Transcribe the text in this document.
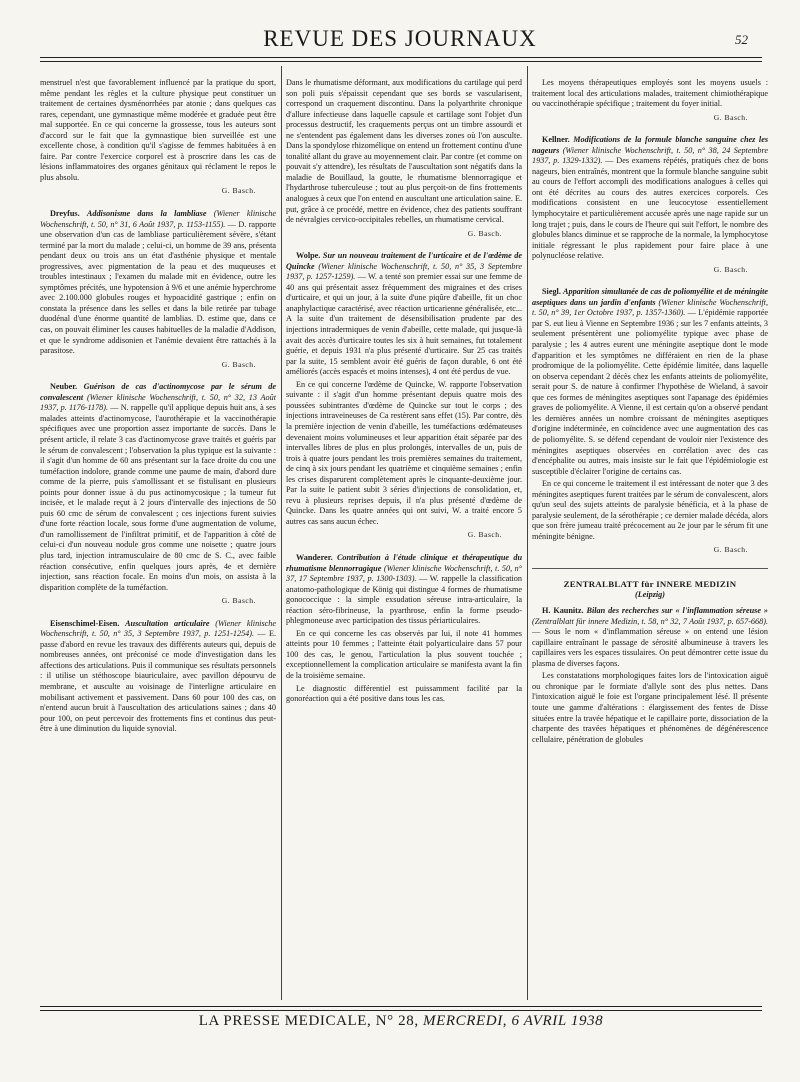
REVUE DES JOURNAUX	52

menstruel n'est que favorablement influencé par la pratique du sport, même pendant les règles et la culture physique peut constituer un traitement de certaines dysménorrhées par atonie ; dans quelques cas rares, cependant, une gymnastique même modérée et graduée peut être mal supportée. En ce qui concerne la grossesse, tous les auteurs sont d'accord sur le fait que la gymnastique bien surveillée est une excellente chose, à condition qu'il s'agisse de femmes habituées à en faire. Par contre l'exercice corporel est à proscrire dans les cas de lésions inflammatoires des organes génitaux qui réclament le repos le plus absolu.

G. Basch.

Dreyfus. Addisonisme dans la lambliase (Wiener klinische Wochenschrift, t. 50, n° 31, 6 Août 1937, p. 1153-1155). — D. rapporte une observation d'un cas de lambliase particulièrement sévère, s'étant terminé par la mort du malade ; celui-ci, un homme de 39 ans, présenta pendant deux ou trois ans un état d'asthénie physique et mentale progressives, avec pigmentation de la peau et des muqueuses et troubles intestinaux ; l'examen du malade mit en évidence, outre les symptômes précités, une hypotension à 9/6 et une anémie hyperchrome avec 2.100.000 globules rouges et hypoacidité gastrique ; enfin on constata la présence dans les selles et dans la bile retirée par tubage duodénal d'une énorme quantité de lamblias. D. estime que, dans ce cas, on pouvait éliminer les causes habituelles de la maladie d'Addison, et que le syndrome addisonien et l'anémie devaient être rattachés à la parasitose.

G. Basch.

Neuber. Guérison de cas d'actinomycose par le sérum de convalescent (Wiener klinische Wochenschrift, t. 50, n° 32, 13 Août 1937, p. 1176-1178). — N. rappelle qu'il applique depuis huit ans, à ses malades atteints d'actinomycose, l'aurothérapie et la vaccinothérapie spécifiques avec une proportion assez importante de succès. Dans le présent article, il relate 3 cas d'actinomycose grave traités et guéris par le sérum de convalescent ; l'observation la plus typique est la suivante : il s'agit d'un homme de 60 ans présentant sur la face droite du cou une tuméfaction indolore, grande comme une paume de main, d'abord dure comme de la pierre, puis s'amollissant et se fistulisant en plusieurs points pour donner issue à du pus actinomycosique ; la tumeur fut incisée, et le malade reçut à 2 jours d'intervalle des injections de 50 puis 60 cmc de sérum de convalescent ; ces injections furent suivies d'une forte réaction locale, sous forme d'une augmentation de volume, d'un ramollissement de l'infiltrat primitif, et de l'apparition à côté de celui-ci d'un nouveau nodule gros comme une noisette ; quatre jours plus tard, injection intramusculaire de 80 cmc de S. C., avec faible réaction consécutive, enfin quelques jours après, 4e et dernière injection, sans réaction focale. En moins d'un mois, on assista à la disparition complète de la tuméfaction.

G. Basch.

Eisenschimel-Eisen. Auscultation articulaire (Wiener klinische Wochenschrift, t. 50, n° 35, 3 Septembre 1937, p. 1251-1254). — E. passe d'abord en revue les travaux des différents auteurs qui, depuis de nombreuses années, ont préconisé ce mode d'investigation dans les affections des articulations. Puis il communique ses résultats personnels : il utilise un stéthoscope biauriculaire, avec pavillon dépourvu de membrane, et ausculte au voisinage de l'interligne articulaire en mobilisant activement et passivement. Dans 60 pour 100 des cas, on n'entend aucun bruit à l'auscultation des articulations saines ; dans 40 pour 100, on peut percevoir des frottements fins et continus dus peut-être à une diminution du liquide synovial.

Dans le rhumatisme déformant, aux modifications du cartilage qui perd son poli puis s'épaissit cependant que ses bords se vascularisent, correspond un craquement discontinu. Dans la polyarthrite chronique d'allure infectieuse dans laquelle capsule et cartilage sont l'objet d'un processus destructif, les craquements perçus ont un timbre assourdi et ne s'entendent pas également dans les diverses zones où l'on ausculte. Dans la spondylose rhizomélique on entend un frottement continu d'une tonalité allant du grave au moyennement clair. Par contre (et comme on pouvait s'y attendre), les résultats de l'auscultation sont négatifs dans la maladie de Bouillaud, la goutte, le rhumatisme blennorragique et l'hydarthrose tuberculeuse ; tout au plus perçoit-on de fins frottements analogues à ceux que l'on entend en auscultant une articulation saine. E. put, grâce à ce procédé, mettre en évidence, chez des patients souffrant de névralgies cervico-occipitales rebelles, un rhumatisme cervical.

G. Basch.

Wolpe. Sur un nouveau traitement de l'urticaire et de l'œdème de Quincke (Wiener klinische Wochenschrift, t. 50, n° 35, 3 Septembre 1937, p. 1257-1259). — W. a tenté son premier essai sur une femme de 40 ans qui présentait assez fréquemment des migraines et des crises d'urticaire, et qui un jour, à la suite d'une piqûre d'abeille, fit un choc anaphylactique caractérisé, avec réaction urticarienne généralisée, etc... A la suite d'un traitement de désensibilisation prudente par des injections intradermiques de venin d'abeille, cette malade, qui jusque-là avait des accès d'urticaire toutes les six à huit semaines, fut totalement guérie, et depuis 1931 n'a plus présenté d'urticaire. Sur 25 cas traités par la suite, 15 semblent avoir été guéris de façon durable, 6 ont été améliorés (accès espacés et moins intenses), 4 ont été perdus de vue.

En ce qui concerne l'œdème de Quincke, W. rapporte l'observation suivante : il s'agit d'un homme présentant depuis quatre mois des poussées subintrantes d'œdème de Quincke sur tout le corps ; des injections intraveineuses de Ca restèrent sans effet (15). Par contre, dès la première injection de venin d'abeille, les tuméfactions œdémateuses devenaient moins volumineuses et leur apparition était séparée par des intervalles libres de plus en plus prolongés, intervalles de un, puis de trois à quatre jours pendant les trois premières semaines du traitement, de cinq à six jours pendant les quatrième et cinquième semaines ; enfin les crises disparurent complètement après le cinquante-deuxième jour. Par la suite le patient subit 3 séries d'injections de consolidation, et, revu à plusieurs reprises depuis, il n'a plus présenté d'œdème de Quincke. Dans les quatre années qui ont suivi, W. a traité encore 5 autres cas sans aucun échec.

G. Basch.

Wanderer. Contribution à l'étude clinique et thérapeutique du rhumatisme blennorragique (Wiener klinische Wochenschrift, t. 50, n° 37, 17 Septembre 1937, p. 1300-1303). — W. rappelle la classification anatomo-pathologique de König qui distingue 4 formes de rhumatisme gonococcique : la simple exsudation séreuse intra-articulaire, la réaction séro-fibrineuse, la pyarthrose, enfin la forme pseudo-phlegmoneuse avec participation des tissus périarticulaires.

En ce qui concerne les cas observés par lui, il note 41 hommes atteints pour 10 femmes ; l'atteinte était polyarticulaire dans 57 pour 100 des cas, le genou, l'articulation la plus souvent touchée ; exceptionnellement la complication articulaire se manifesta avant la fin de la troisième semaine.

Le diagnostic différentiel est puissamment facilité par la gonoréaction qui a été positive dans tous les cas.

Les moyens thérapeutiques employés sont les moyens usuels : traitement local des articulations malades, traitement chimiothérapique ou vaccinothérapie spécifique ; traitement du foyer initial.

G. Basch.

Kellner. Modifications de la formule blanche sanguine chez les nageurs (Wiener klinische Wochenschrift, t. 50, n° 38, 24 Septembre 1937, p. 1329-1332). — Des examens répétés, pratiqués chez de bons nageurs, bien entraînés, montrent que la formule blanche sanguine subit au cours de l'effort accompli des modifications analogues à celles qui ont été décrites au cours des autres exercices corporels. Ces modifications consistent en une leucocytose essentiellement lymphocytaire et particulièrement accusée après une nage rapide sur un long trajet ; puis, dans le cours de l'heure qui suit l'effort, le nombre des globules blancs diminue et se rapproche de la normale, la lymphocytose initiale régressant le plus rapidement pour faire place à une polynucléose relative.

G. Basch.

Siegl. Apparition simultanée de cas de poliomyélite et de méningite aseptiques dans un jardin d'enfants (Wiener klinische Wochenschrift, t. 50, n° 39, 1er Octobre 1937, p. 1357-1360). — L'épidémie rapportée par S. eut lieu à Vienne en Septembre 1936 ; sur les 7 enfants atteints, 3 seulement présentèrent une poliomyélite typique avec phase de paralysie ; les 4 autres eurent une méningite aseptique dont le mode d'apparition et les symptômes ne différaient en rien de la phase prodromique de la poliomyélite. Cette épidémie limitée, dans laquelle on observa cependant 2 décès chez les enfants atteints de poliomyélite, serait pour S. de nature à confirmer l'hypothèse de Wieland, à savoir que ces formes de méningites aseptiques sont l'apanage des épidémies graves de poliomyélite. A Vienne, il est certain qu'on a observé pendant les dernières années un nombre croissant de méningites aseptiques d'origine indéterminée, en coïncidence avec une augmentation des cas de poliomyélite. S. se défend cependant de vouloir nier l'existence des méningites aseptiques observées en corrélation avec des cas d'encéphalite ou autres, mais insiste sur le fait que l'épidémiologie est susceptible d'éclairer l'origine de certains cas.

En ce qui concerne le traitement il est intéressant de noter que 3 des méningites aseptiques furent traitées par le sérum de convalescent, alors qu'un seul des sujets atteints de paralysie bénéficia, et à la phase de paralysie seulement, de la sérothérapie ; ce dernier malade décéda, alors que son frère jumeau traité précocement au 2e jour par le sérum fit une méningite bénigne.

G. Basch.
ZENTRALBLATT für INNERE MEDIZIN
(Leipzig)

H. Kaunitz. Bilan des recherches sur « l'inflammation séreuse » (Zentralblatt für innere Medizin, t. 58, n° 32, 7 Août 1937, p. 657-668). — Sous le nom « d'inflammation séreuse » on entend une lésion capillaire entraînant le passage de sérosité albumineuse à travers les capillaires vers les espaces tissulaires. On peut démontrer cette issue du plasma de diverses façons.

Les constatations morphologiques faites lors de l'intoxication aiguë ou chronique par le formiate d'allyle sont des plus nettes. Dans l'intoxication aiguë le foie est l'organe principalement lésé. Il présente toute une gamme d'altérations : élargissement des fentes de Disse situées entre la travée hépatique et le capillaire porte, dissociation de la charpente des travées hépatiques et phénomènes de dégénérescence cellulaire, pénétration de globules

LA PRESSE MEDICALE, N° 28, MERCREDI, 6 AVRIL 1938
